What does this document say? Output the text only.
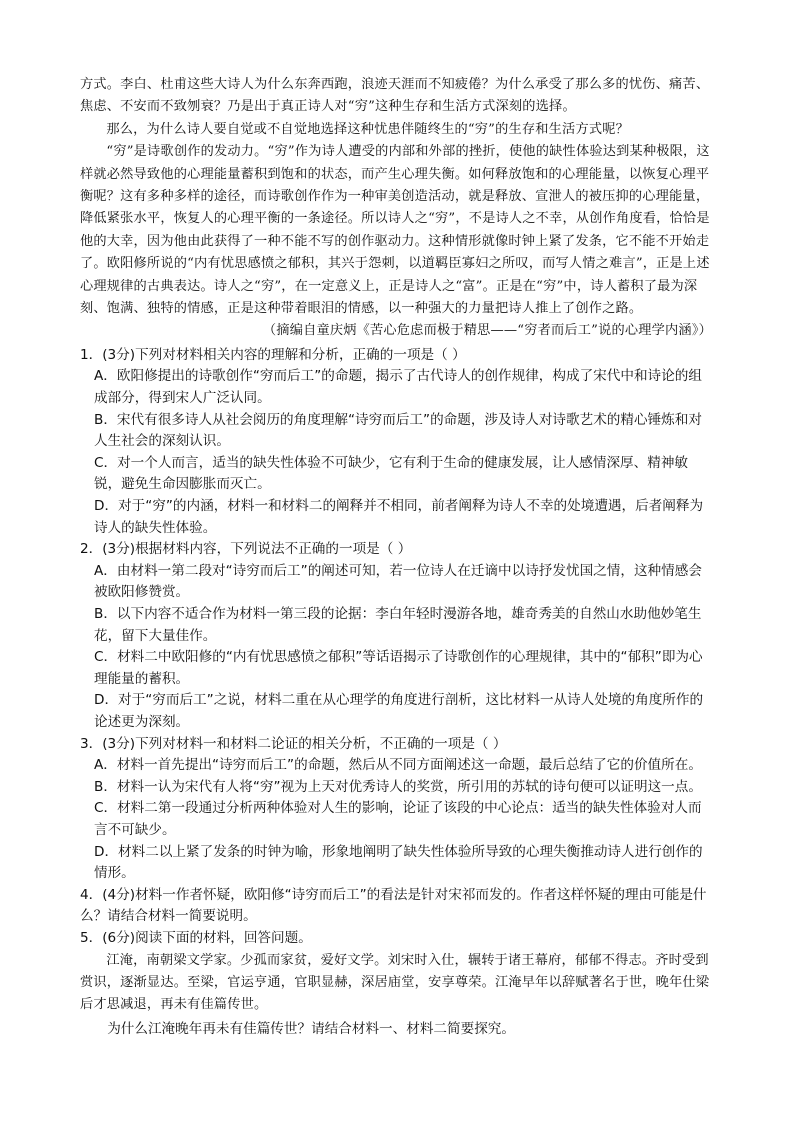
方式。李白、杜甫这些大诗人为什么东奔西跑，浪迹天涯而不知疲倦？为什么承受了那么多的忧伤、痛苦、焦虑、不安而不致刎衰？乃是出于真正诗人对“穷”这种生存和生活方式深刻的选择。

那么，为什么诗人要自觉或不自觉地选择这种忧患伴随终生的“穷”的生存和生活方式呢？

“穷”是诗歌创作的发动力。“穷”作为诗人遭受的内部和外部的挫折，使他的缺性体验达到某种极限，这样就必然导致他的心理能量蓄积到饱和的状态，而产生心理失衡。如何释放饱和的心理能量，以恢复心理平衡呢？这有多种多样的途径，而诗歌创作作为一种审美创造活动，就是释放、宣泄人的被压抑的心理能量，降低紧张水平，恢复人的心理平衡的一条途径。所以诗人之“穷”，不是诗人之不幸，从创作角度看，恰恰是他的大幸，因为他由此获得了一种不能不写的创作驱动力。这种情形就像时钟上紧了发条，它不能不开始走了。欧阳修所说的“内有忧思感愤之郁积，其兴于怨刺，以道羁臣寡妇之所叹，而写人情之难言”，正是上述心理规律的古典表达。诗人之“穷”，在一定意义上，正是诗人之“富”。正是在“穷”中，诗人蓄积了最为深刻、饱满、独特的情感，正是这种带着眼泪的情感，以一种强大的力量把诗人推上了创作之路。

（摘编自童庆炳《苦心危虑而极于精思——“穷者而后工”说的心理学内涵》）

1．(3分)下列对材料相关内容的理解和分析，正确的一项是（ ）
A．欧阳修提出的诗歌创作“穷而后工”的命题，揭示了古代诗人的创作规律，构成了宋代中和诗论的组成部分，得到宋人广泛认同。
B．宋代有很多诗人从社会阅历的角度理解“诗穷而后工”的命题，涉及诗人对诗歌艺术的精心锤炼和对人生社会的深刻认识。
C．对一个人而言，适当的缺失性体验不可缺少，它有利于生命的健康发展，让人感情深厚、精神敏锐，避免生命因膨胀而灭亡。
D．对于“穷”的内涵，材料一和材料二的阐释并不相同，前者阐释为诗人不幸的处境遭遇，后者阐释为诗人的缺失性体验。
2．(3分)根据材料内容，下列说法不正确的一项是（ ）
A．由材料一第二段对“诗穷而后工”的阐述可知，若一位诗人在迁谪中以诗抒发忧国之情，这种情感会被欧阳修赞赏。
B．以下内容不适合作为材料一第三段的论据：李白年轻时漫游各地，雄奇秀美的自然山水助他妙笔生花，留下大量佳作。
C．材料二中欧阳修的“内有忧思感愤之郁积”等话语揭示了诗歌创作的心理规律，其中的“郁积”即为心理能量的蓄积。
D．对于“穷而后工”之说，材料二重在从心理学的角度进行剖析，这比材料一从诗人处境的角度所作的论述更为深刻。
3．(3分)下列对材料一和材料二论证的相关分析，不正确的一项是（ ）
A．材料一首先提出“诗穷而后工”的命题，然后从不同方面阐述这一命题，最后总结了它的价值所在。
B．材料一认为宋代有人将“穷”视为上天对优秀诗人的奖赏，所引用的苏轼的诗句便可以证明这一点。
C．材料二第一段通过分析两种体验对人生的影响，论证了该段的中心论点：适当的缺失性体验对人而言不可缺少。
D．材料二以上紧了发条的时钟为喻，形象地阐明了缺失性体验所导致的心理失衡推动诗人进行创作的情形。
4．(4分)材料一作者怀疑，欧阳修“诗穷而后工”的看法是针对宋祁而发的。作者这样怀疑的理由可能是什么？请结合材料一简要说明。
5．(6分)阅读下面的材料，回答问题。

江淹，南朝梁文学家。少孤而家贫，爱好文学。刘宋时入仕，辗转于诸王幕府，郁郁不得志。齐时受到赏识，逐渐显达。至梁，官运亨通，官职显赫，深居庙堂，安享尊荣。江淹早年以辞赋著名于世，晚年仕梁后才思减退，再未有佳篇传世。

为什么江淹晚年再未有佳篇传世？请结合材料一、材料二简要探究。
